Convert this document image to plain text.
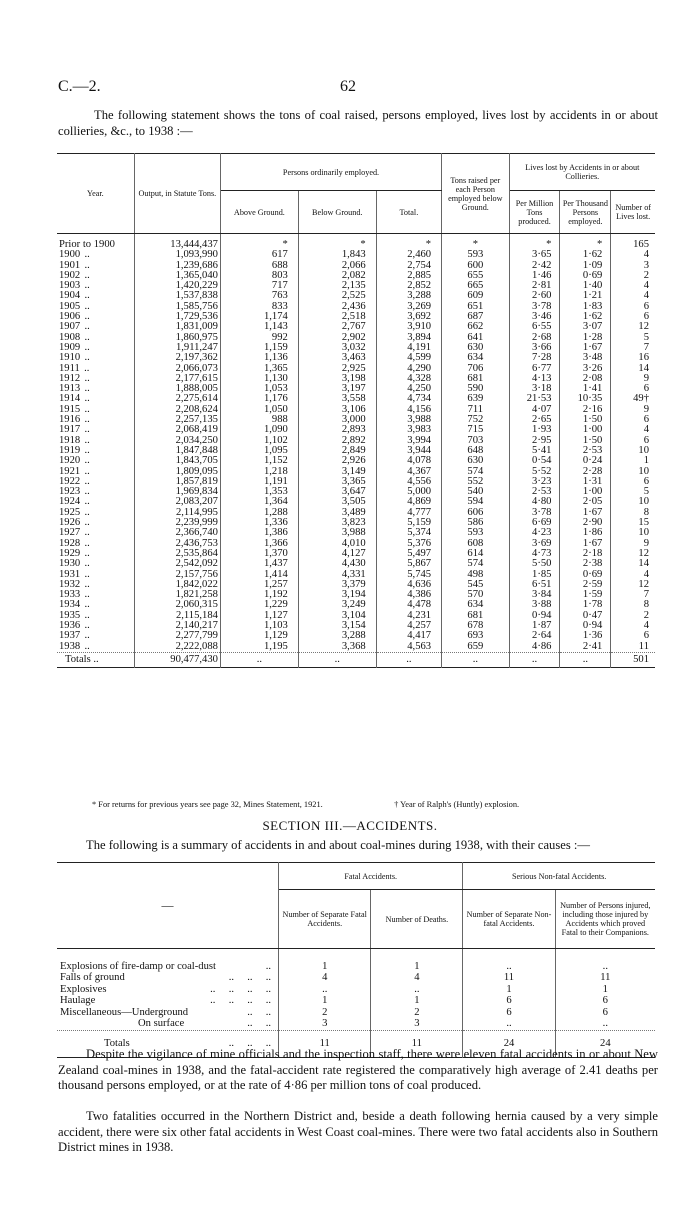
C.—2.	62
The following statement shows the tons of coal raised, persons employed, lives lost by accidents in or about collieries, &c., to 1938 :—
Year.	Output, in Statute Tons.	Persons ordinarily employed.			Tons raised per each Person employed below Ground.	Lives lost by Accidents in or about Collieries.		
		Above Ground.	Below Ground.	Total.		Per Million Tons produced.	Per Thousand Persons employed.	Number of Lives lost.

Prior to 1900	13,444,437	*	*	*	*	*	*	165
1900 ..	1,093,990	617	1,843	2,460	593	3·65	1·62	4
1901 ..	1,239,686	688	2,066	2,754	600	2·42	1·09	3
1902 ..	1,365,040	803	2,082	2,885	655	1·46	0·69	2
1903 ..	1,420,229	717	2,135	2,852	665	2·81	1·40	4
1904 ..	1,537,838	763	2,525	3,288	609	2·60	1·21	4
1905 ..	1,585,756	833	2,436	3,269	651	3·78	1·83	6
1906 ..	1,729,536	1,174	2,518	3,692	687	3·46	1·62	6
1907 ..	1,831,009	1,143	2,767	3,910	662	6·55	3·07	12
1908 ..	1,860,975	992	2,902	3,894	641	2·68	1·28	5
1909 ..	1,911,247	1,159	3,032	4,191	630	3·66	1·67	7
1910 ..	2,197,362	1,136	3,463	4,599	634	7·28	3·48	16
1911 ..	2,066,073	1,365	2,925	4,290	706	6·77	3·26	14
1912 ..	2,177,615	1,130	3,198	4,328	681	4·13	2·08	9
1913 ..	1,888,005	1,053	3,197	4,250	590	3·18	1·41	6
1914 ..	2,275,614	1,176	3,558	4,734	639	21·53	10·35	49†
1915 ..	2,208,624	1,050	3,106	4,156	711	4·07	2·16	9
1916 ..	2,257,135	988	3,000	3,988	752	2·65	1·50	6
1917 ..	2,068,419	1,090	2,893	3,983	715	1·93	1·00	4
1918 ..	2,034,250	1,102	2,892	3,994	703	2·95	1·50	6
1919 ..	1,847,848	1,095	2,849	3,944	648	5·41	2·53	10
1920 ..	1,843,705	1,152	2,926	4,078	630	0·54	0·24	1
1921 ..	1,809,095	1,218	3,149	4,367	574	5·52	2·28	10
1922 ..	1,857,819	1,191	3,365	4,556	552	3·23	1·31	6
1923 ..	1,969,834	1,353	3,647	5,000	540	2·53	1·00	5
1924 ..	2,083,207	1,364	3,505	4,869	594	4·80	2·05	10
1925 ..	2,114,995	1,288	3,489	4,777	606	3·78	1·67	8
1926 ..	2,239,999	1,336	3,823	5,159	586	6·69	2·90	15
1927 ..	2,366,740	1,386	3,988	5,374	593	4·23	1·86	10
1928 ..	2,436,753	1,366	4,010	5,376	608	3·69	1·67	9
1929 ..	2,535,864	1,370	4,127	5,497	614	4·73	2·18	12
1930 ..	2,542,092	1,437	4,430	5,867	574	5·50	2·38	14
1931 ..	2,157,756	1,414	4,331	5,745	498	1·85	0·69	4
1932 ..	1,842,022	1,257	3,379	4,636	545	6·51	2·59	12
1933 ..	1,821,258	1,192	3,194	4,386	570	3·84	1·59	7
1934 ..	2,060,315	1,229	3,249	4,478	634	3·88	1·78	8
1935 ..	2,115,184	1,127	3,104	4,231	681	0·94	0·47	2
1936 ..	2,140,217	1,103	3,154	4,257	678	1·87	0·94	4
1937 ..	2,277,799	1,129	3,288	4,417	693	2·64	1·36	6
1938 ..	2,222,088	1,195	3,368	4,563	659	4·86	2·41	11
Totals ..	90,477,430	..	..	..	..	..	..	501
* For returns for previous years see page 32, Mines Statement, 1921.	† Year of Ralph's (Huntly) explosion.
SECTION III.—ACCIDENTS.
The following is a summary of accidents in and about coal-mines during 1938, with their causes :—
—	Fatal Accidents.		Serious Non-fatal Accidents.	
	Number of Separate Fatal Accidents.	Number of Deaths.	Number of Separate Non-fatal Accidents.	Number of Persons injured, including those injured by Accidents which proved Fatal to their Companions.

Explosions of fire-damp or coal-dust ..	1	1	..	..
Falls of ground ..     ..     ..	4	4	11	11
Explosives ..     ..     ..     ..	..	..	1	1
Haulage ..     ..     ..     ..	1	1	6	6
Miscellaneous—Underground ..     ..	2	2	6	6
On surface ..     ..	3	3	..	..
Totals ..     ..     ..	11	11	24	24
Despite the vigilance of mine officials and the inspection staff, there were eleven fatal accidents in or about New Zealand coal-mines in 1938, and the fatal-accident rate registered the comparatively high average of 2.41 deaths per thousand persons employed, or at the rate of 4·86 per million tons of coal produced.
Two fatalities occurred in the Northern District and, beside a death following hernia caused by a very simple accident, there were six other fatal accidents in West Coast coal-mines. There were two fatal accidents also in Southern District mines in 1938.
